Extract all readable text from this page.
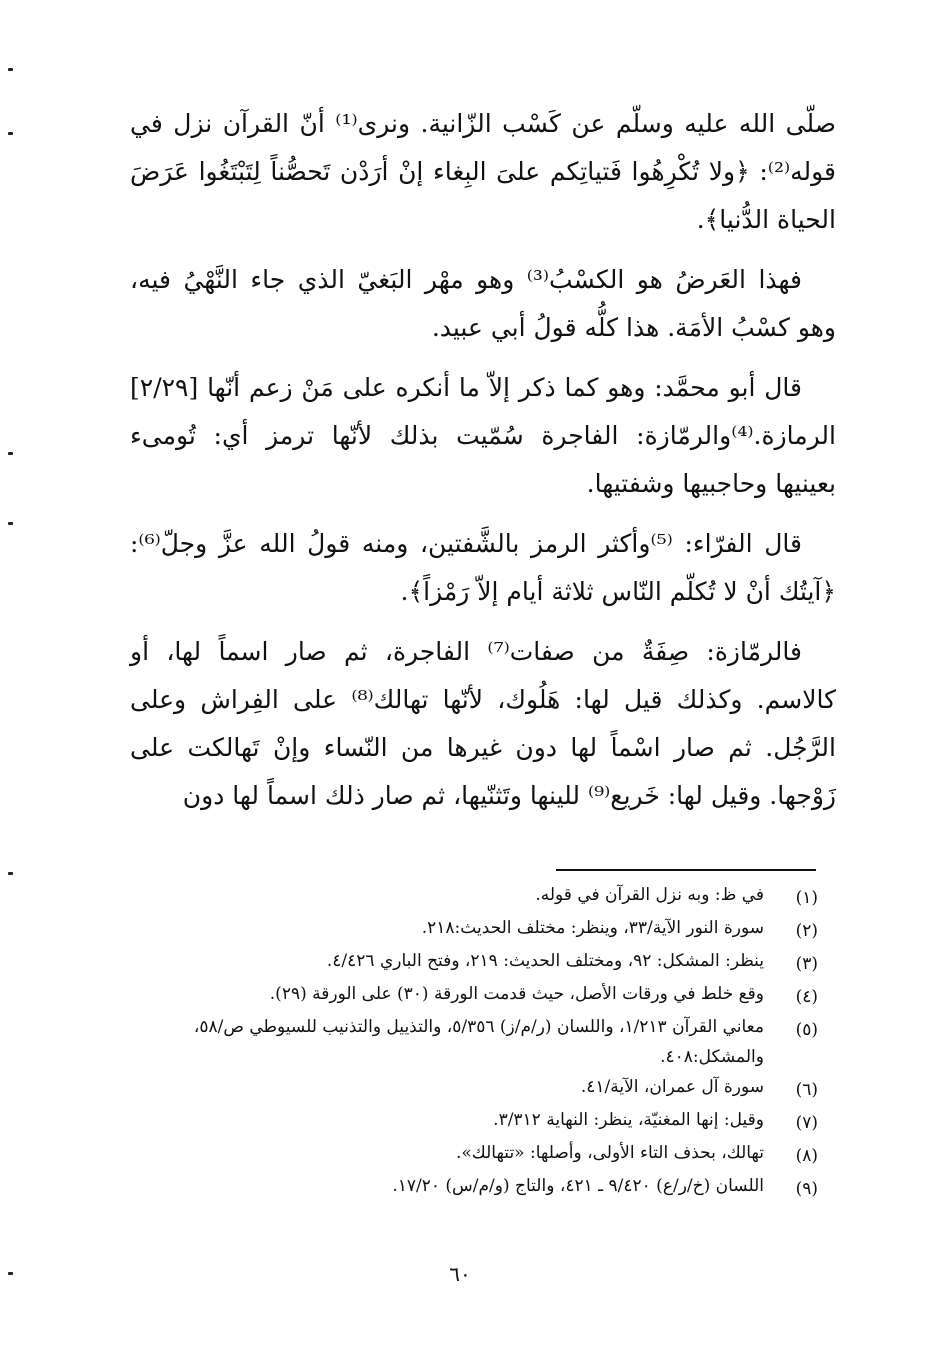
صلّى الله عليه وسلّم عن كَسْب الزّانية. ونرى⁽¹⁾ أنّ القرآن نزل في قوله⁽²⁾: ﴿ولا تُكْرِهُوا فَتياتِكم علىَ البِغاء إنْ أرَدْن تَحصُّناً لِتَبْتَغُوا عَرَضَ الحياة الدُّنيا﴾.

فهذا العَرضُ هو الكسْبُ⁽³⁾ وهو مهْر البَغيّ الذي جاء النَّهْيُ فيه، وهو كسْبُ الأمَة. هذا كلُّه قولُ أبي عبيد.

قال أبو محمَّد: وهو كما ذكر إلاّ ما أنكره على مَنْ زعم أنّها [٢/٢٩] الرمازة.⁽⁴⁾والرمّازة: الفاجرة سُمّيت بذلك لأنّها ترمز أي: تُومىء بعينيها وحاجبيها وشفتيها.

قال الفرّاء: ⁽⁵⁾وأكثر الرمز بالشَّفتين، ومنه قولُ الله عزَّ وجلّ⁽⁶⁾: ﴿آيتُك أنْ لا تُكلّم النّاس ثلاثة أيام إلاّ رَمْزاً﴾.

فالرمّازة: صِفَةٌ من صفات⁽⁷⁾ الفاجرة، ثم صار اسماً لها، أو كالاسم. وكذلك قيل لها: هَلُوك، لأنّها تهالك⁽⁸⁾ على الفِراش وعلى الرَّجُل. ثم صار اسْماً لها دون غيرها من النّساء وإنْ تَهالكت على زَوْجها. وقيل لها: خَريع⁽⁹⁾ للينها وتَثنّيها، ثم صار ذلك اسماً لها دون

(١)
في ظ: وبه نزل القرآن في قوله.
(٢)
سورة النور الآية/٣٣، وينظر: مختلف الحديث:٢١٨.
(٣)
ينظر: المشكل: ٩٢، ومختلف الحديث: ٢١٩، وفتح الباري ٤/٤٢٦.
(٤)
وقع خلط في ورقات الأصل، حيث قدمت الورقة (٣٠) على الورقة (٢٩).
(٥)
معاني القرآن ١/٢١٣، واللسان (ر/م/ز) ٥/٣٥٦، والتذييل والتذنيب للسيوطي ص/٥٨، والمشكل:٤٠٨.
(٦)
سورة آل عمران، الآية/٤١.
(٧)
وقيل: إنها المغنيّة، ينظر: النهاية ٣/٣١٢.
(٨)
تهالك، بحذف التاء الأولى، وأصلها: «تتهالك».
(٩)
اللسان (خ/ر/ع) ٩/٤٢٠ ـ ٤٢١، والتاج (و/م/س) ١٧/٢٠.
٦٠
